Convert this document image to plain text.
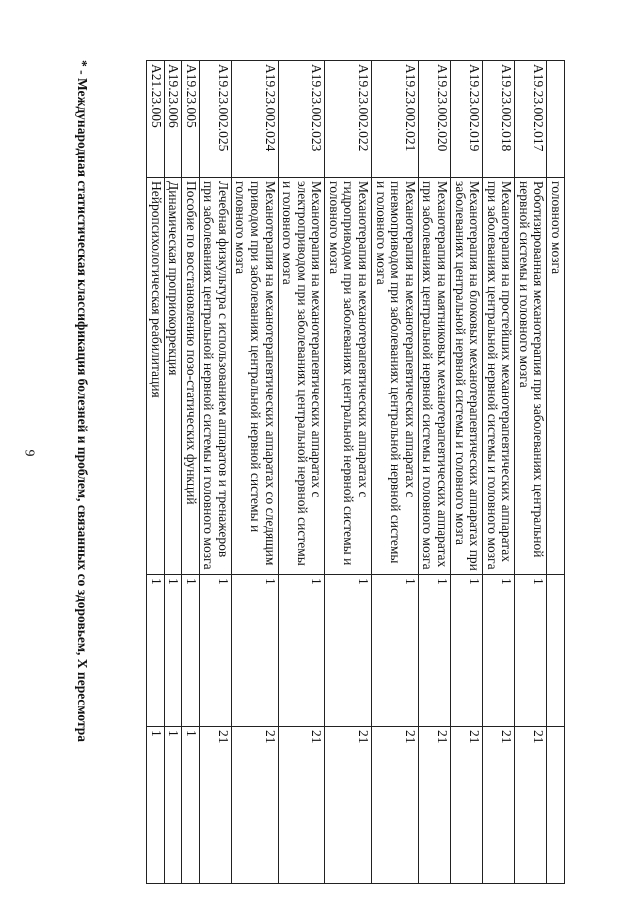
9
	головного мозга		
A19.23.002.017	Роботизированная механотерапия при заболеваниях центральной нервной системы и головного мозга	1	21
A19.23.002.018	Механотерапия на простейших механотерапевтических аппаратах при заболеваниях центральной нервной системы и головного мозга	1	21
A19.23.002.019	Механотерапия на блоковых механотерапевтических аппаратах при заболеваниях центральной нервной системы и головного мозга	1	21
A19.23.002.020	Механотерапия на маятниковых механотерапевтических аппаратах при заболеваниях центральной нервной системы и головного мозга	1	21
A19.23.002.021	Механотерапия на механотерапевтических аппаратах с пневмоприводом при заболеваниях центральной нервной системы и головного мозга	1	21
A19.23.002.022	Механотерапия на механотерапевтических аппаратах с гидроприводом при заболеваниях центральной нервной системы и головного мозга	1	21
A19.23.002.023	Механотерапия на механотерапевтических аппаратах с электроприводом при заболеваниях центральной нервной системы и головного мозга	1	21
A19.23.002.024	Механотерапия на механотерапевтических аппаратах со следящим приводом при заболеваниях центральной нервной системы и головного мозга	1	21
A19.23.002.025	Лечебная физкультура с использованием аппаратов и тренажеров при заболеваниях центральной нервной системы и головного мозга	1	21
A19.23.005	Пособие по восстановлению позо-статических функций	1	1
A19.23.006	Динамическая проприокоррекция	1	1
A21.23.005	Нейропсихологическая реабилитация	1	1
* - Международная статистическая классификация болезней и проблем, связанных со здоровьем, X пересмотра
